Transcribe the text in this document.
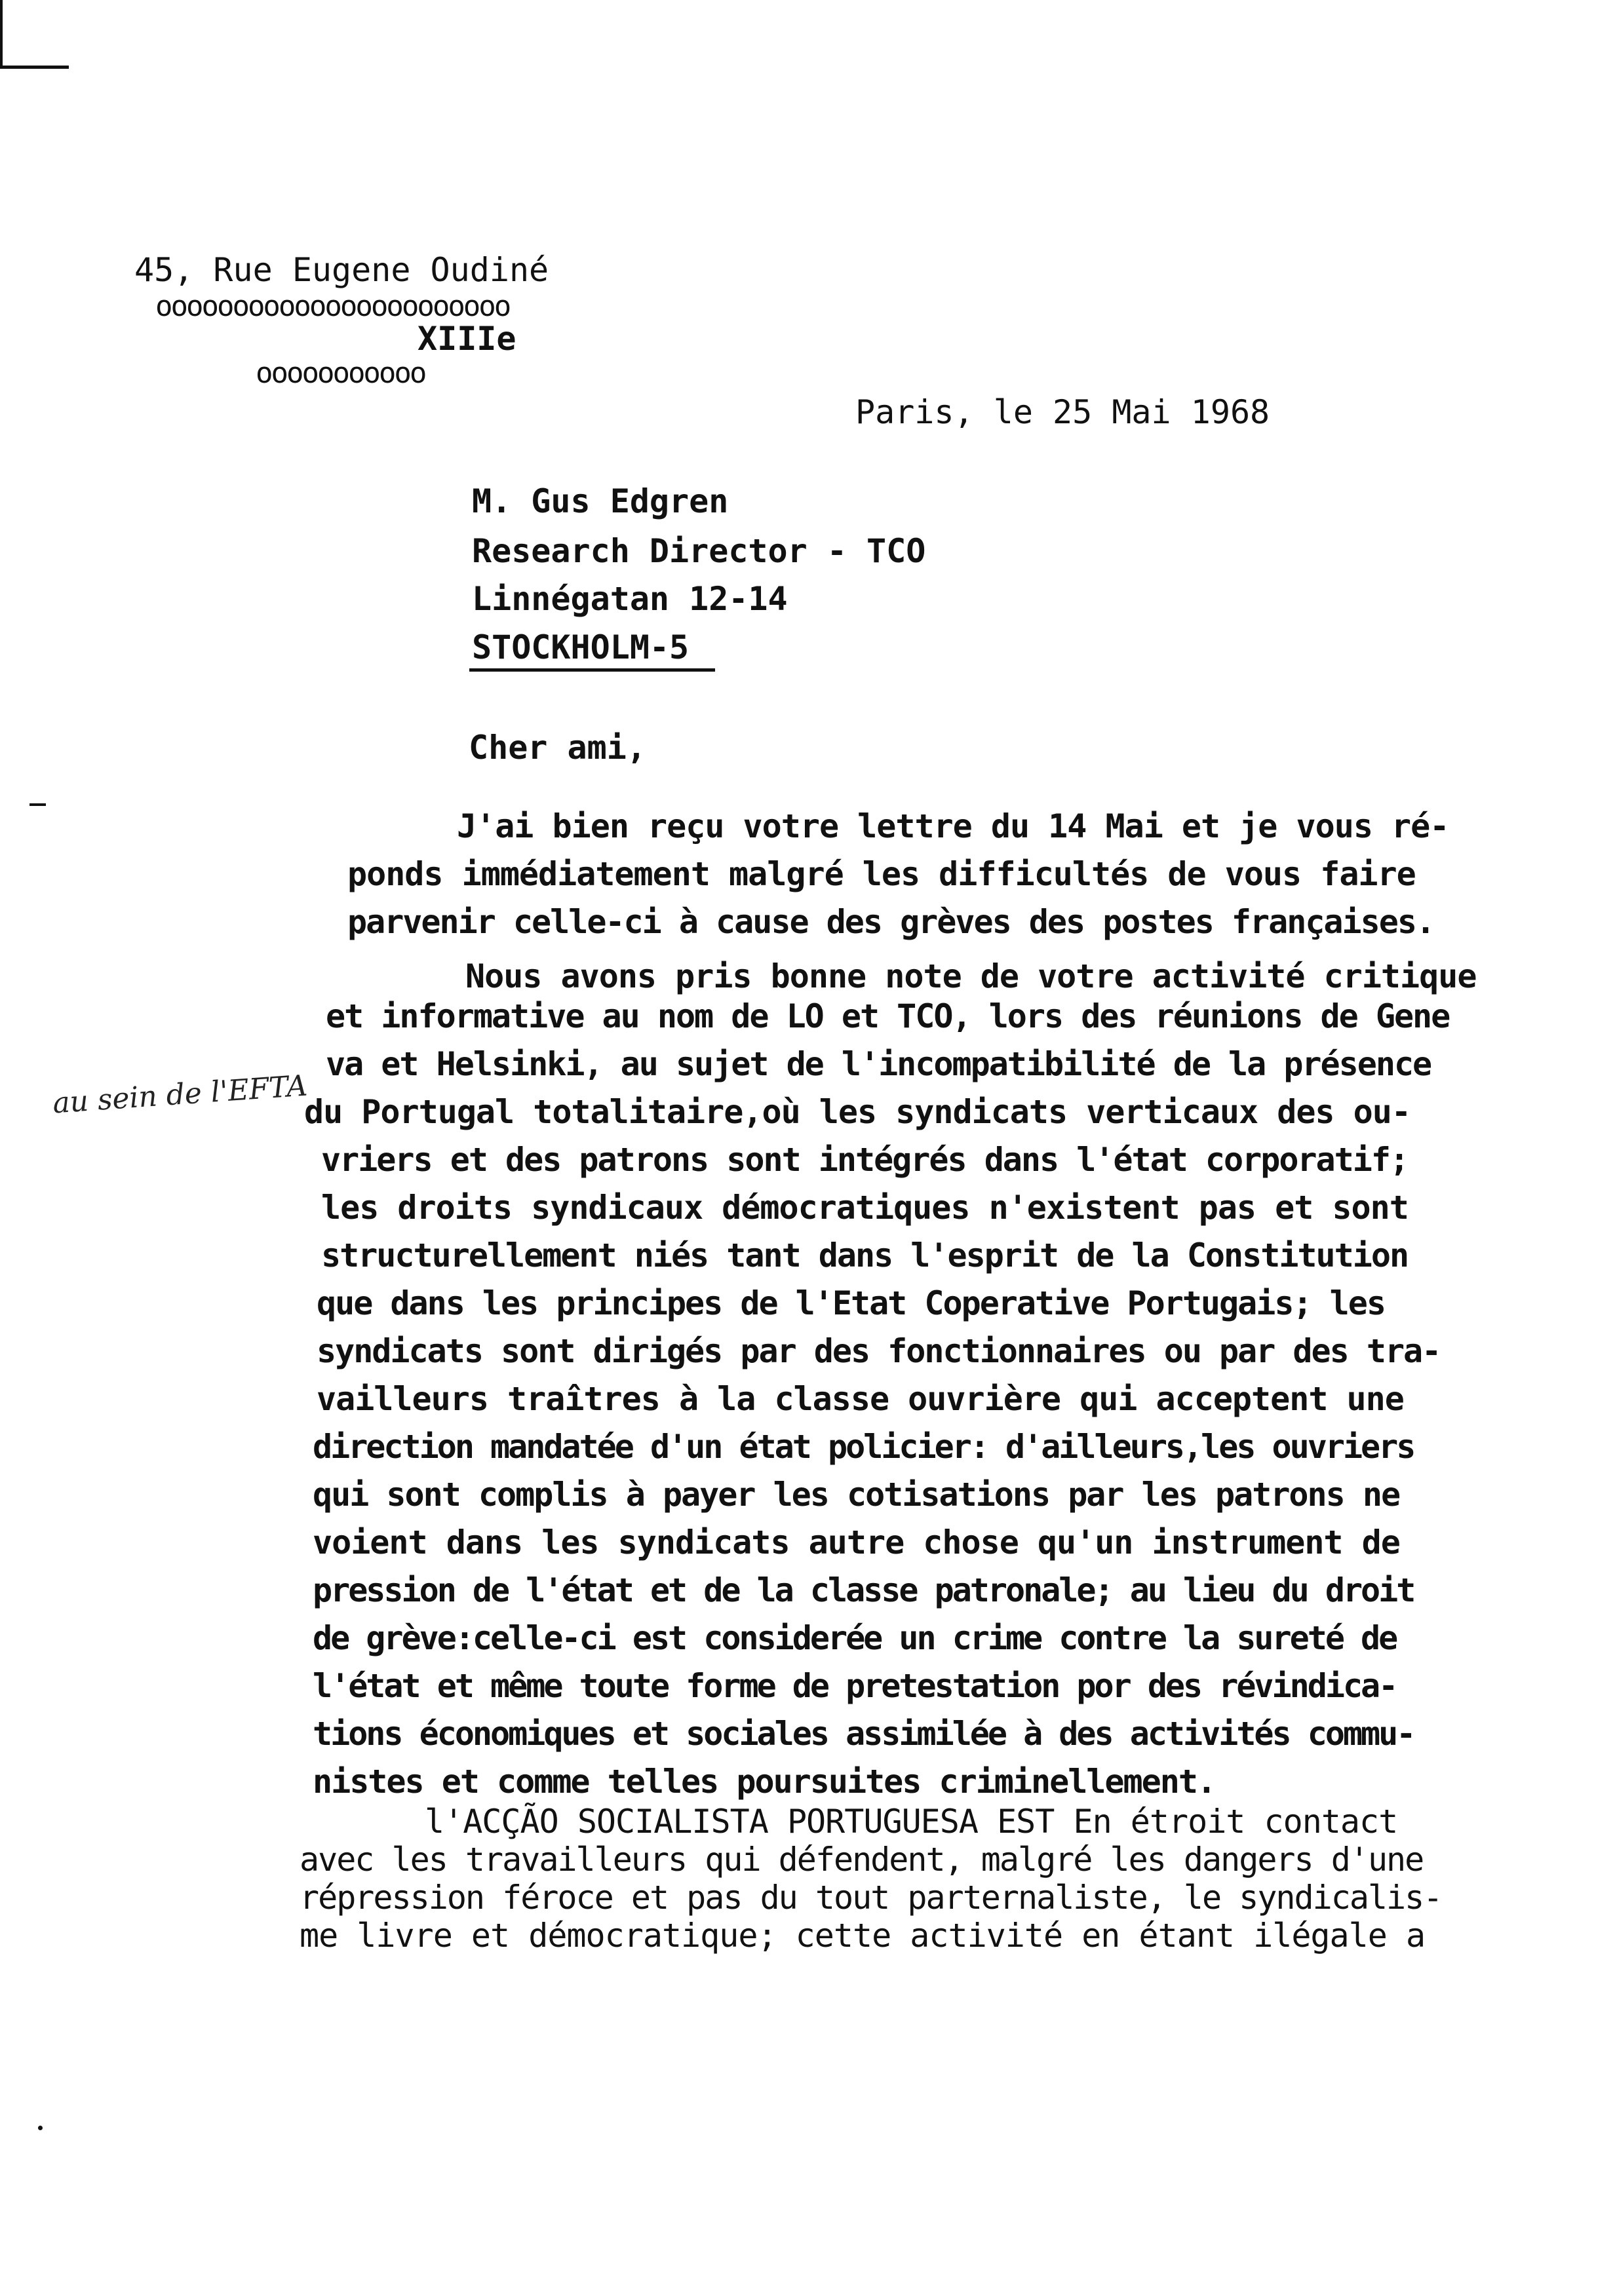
45, Rue Eugene Oudiné
ooooooooooooooooooooooo
XIIIe
ooooooooooo
Paris, le 25 Mai 1968
M. Gus Edgren
Research Director - TCO
Linnégatan 12-14
STOCKHOLM-5
Cher ami,
J'ai bien reçu votre lettre du 14 Mai et je vous ré-
ponds immédiatement malgré les difficultés de vous faire
parvenir celle-ci à cause des grèves des postes françaises.
Nous avons pris bonne note de votre activité critique
et informative au nom de LO et TCO, lors des réunions de Gene
va et Helsinki, au sujet de l'incompatibilité de la présence
du Portugal totalitaire,où les syndicats verticaux des ou-
vriers et des patrons sont intégrés dans l'état corporatif;
les droits syndicaux démocratiques n'existent pas et sont
structurellement niés tant dans l'esprit de la Constitution
que dans les principes de l'Etat Coperative Portugais; les
syndicats sont dirigés par des fonctionnaires ou par des tra-
vailleurs traîtres à la classe ouvrière qui acceptent une
direction mandatée d'un état policier: d'ailleurs,les ouvriers
qui sont complis à payer les cotisations par les patrons ne
voient dans les syndicats autre chose qu'un instrument de
pression de l'état et de la classe patronale; au lieu du droit
de grève:celle-ci est considerée un crime contre la sureté de
l'état et même toute forme de pretestation por des révindica-
tions économiques et sociales assimilée à des activités commu-
nistes et comme telles poursuites criminellement.
l'ACÇÃO SOCIALISTA PORTUGUESA EST En étroit contact
avec les travailleurs qui défendent, malgré les dangers d'une
répression féroce et pas du tout parternaliste, le syndicalis-
me livre et démocratique; cette activité en étant ilégale a
au sein de l'EFTA
